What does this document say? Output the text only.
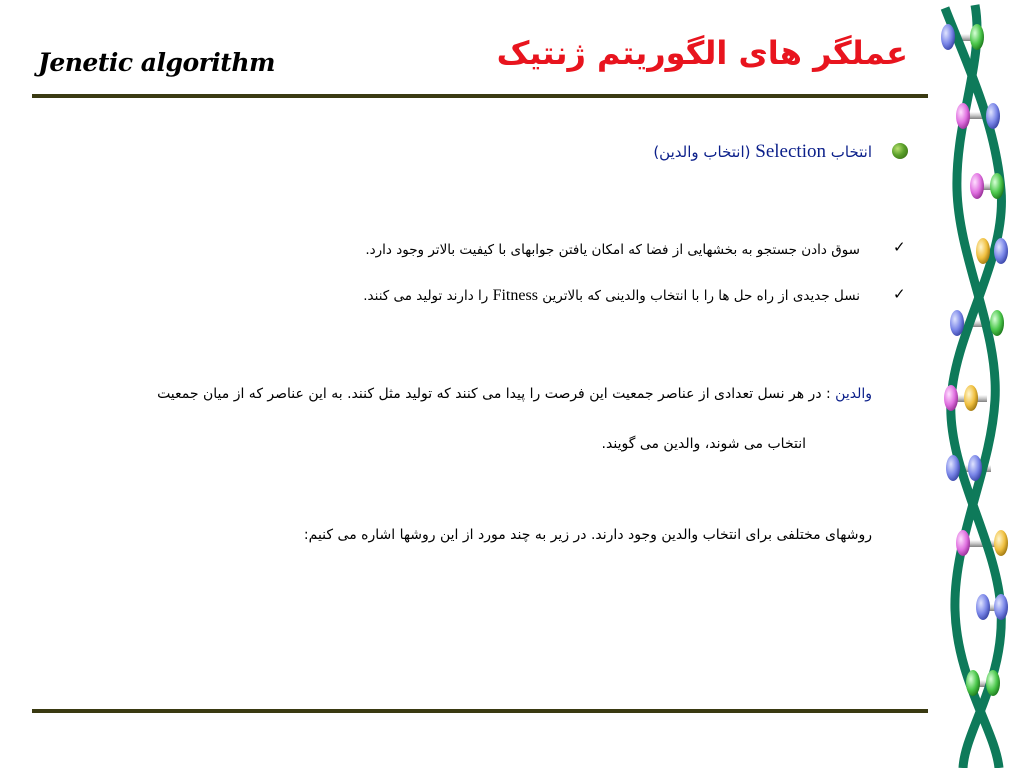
Jenetic algorithm	عملگر های الگوریتم ژنتیک
انتخاب Selection (انتخاب والدین)
✓
سوق دادن جستجو به بخشهایی از فضا که امکان یافتن جوابهای با کیفیت بالاتر وجود دارد.
✓
نسل جدیدی از راه حل ها را با انتخاب والدینی که بالاترین Fitness را دارند تولید می کنند.
والدین : در هر نسل تعدادی از عناصر جمعیت این فرصت را پیدا می کنند که تولید مثل کنند. به این عناصر که از میان جمعیت
انتخاب می شوند، والدین می گویند.
روشهای مختلفی برای انتخاب والدین وجود دارند. در زیر به چند مورد از این روشها اشاره می کنیم:
